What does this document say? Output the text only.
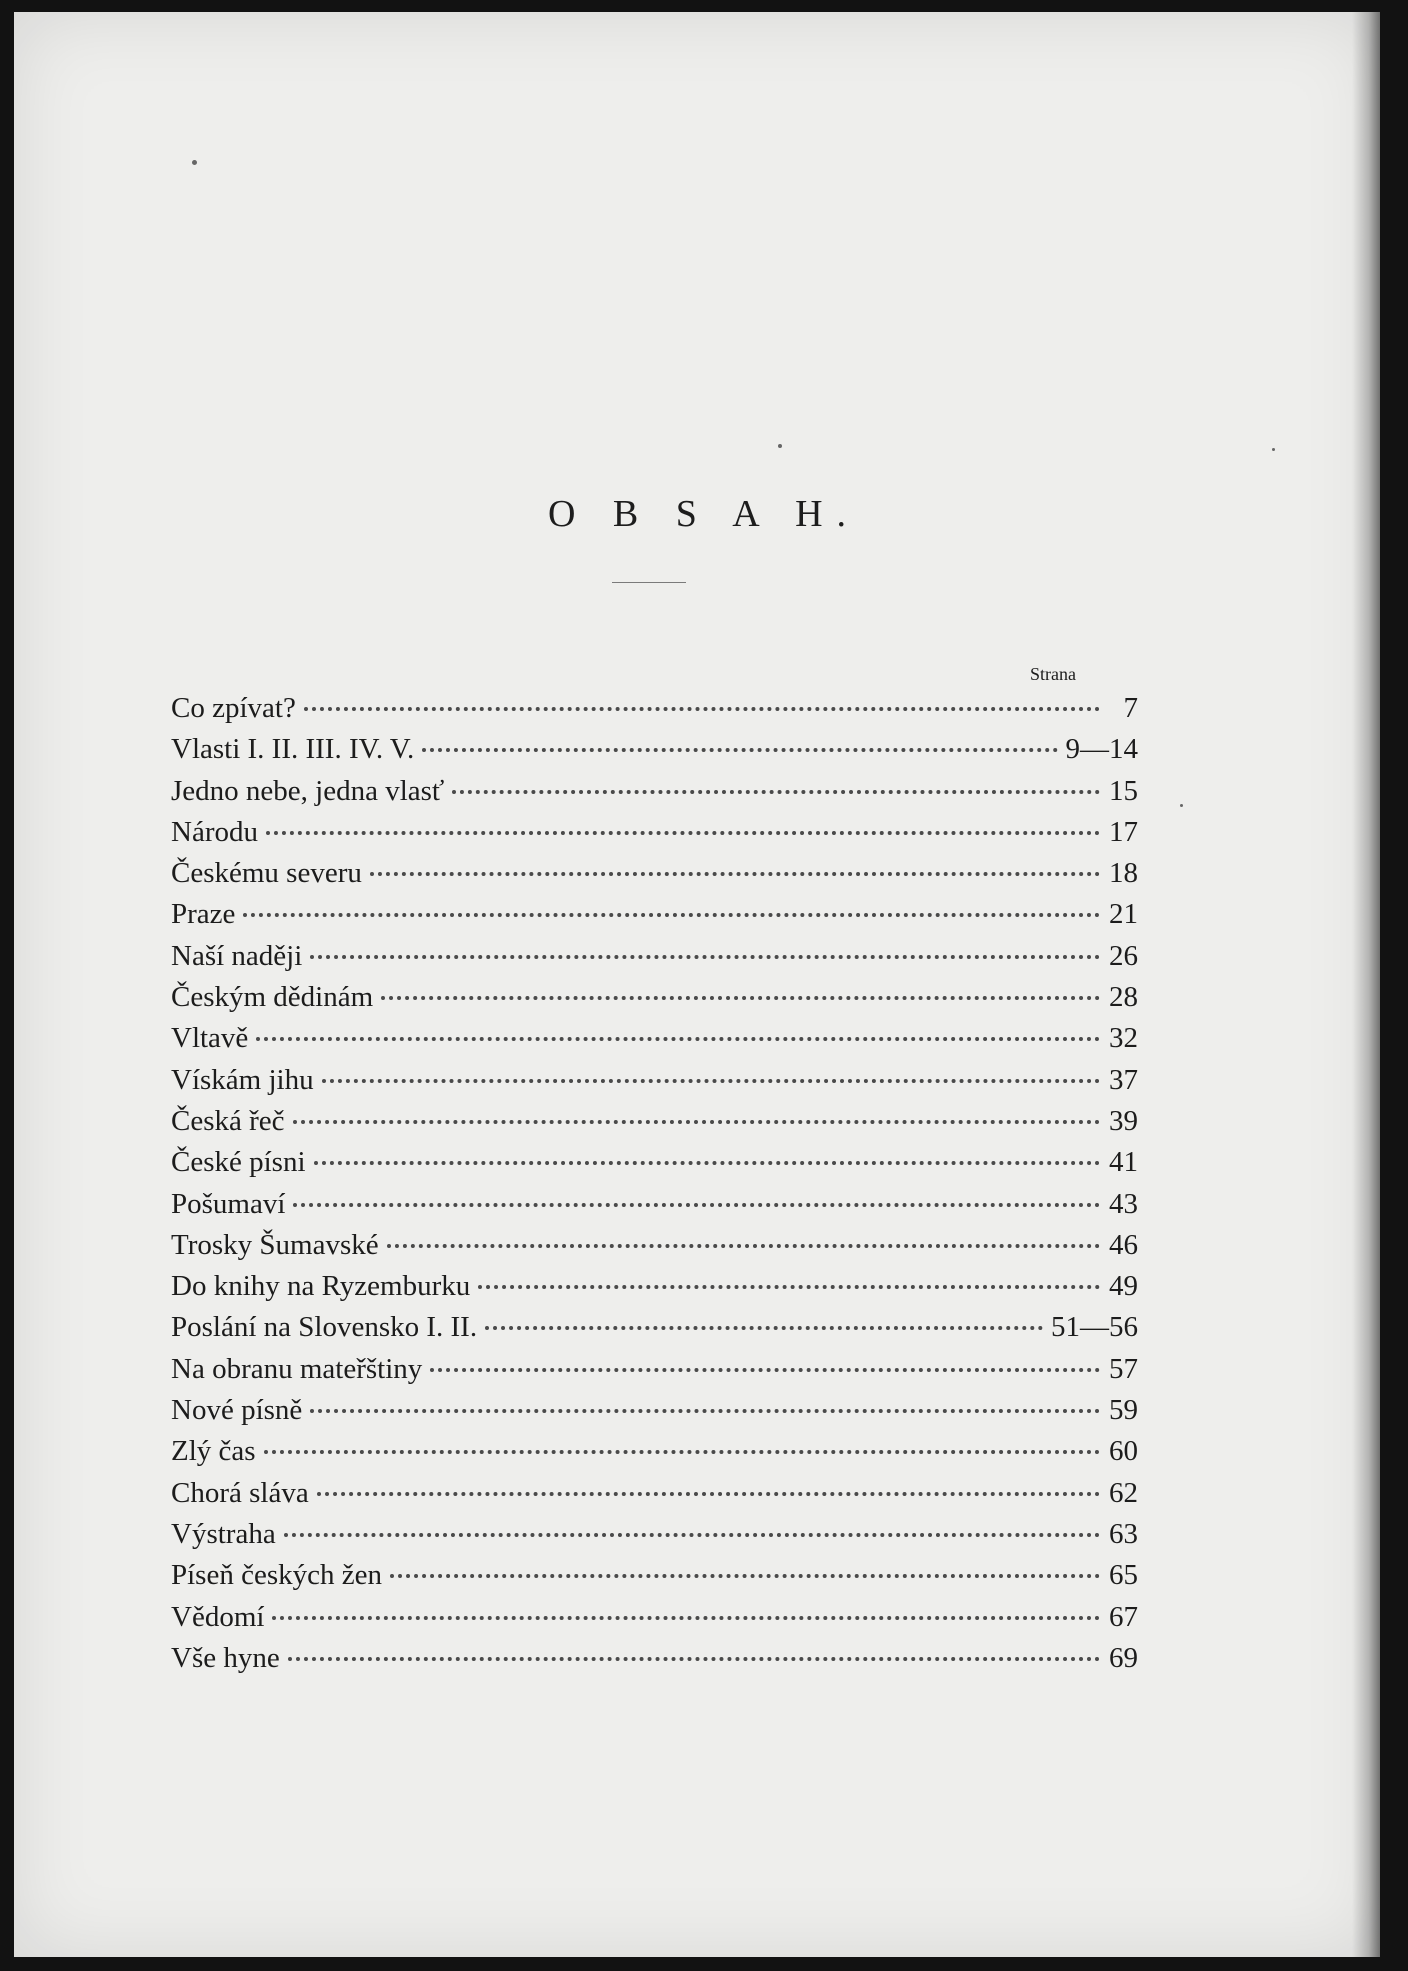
O B S A H.
Strana
Co zpívat?	7
Vlasti I. II. III. IV. V.	9—14
Jedno nebe, jedna vlasť	15
Národu	17
Českému severu	18
Praze	21
Naší naději	26
Českým dědinám	28
Vltavě	32
Vískám jihu	37
Česká řeč	39
České písni	41
Pošumaví	43
Trosky Šumavské	46
Do knihy na Ryzemburku	49
Poslání na Slovensko I. II.	51—56
Na obranu mateřštiny	57
Nové písně	59
Zlý čas	60
Chorá sláva	62
Výstraha	63
Píseň českých žen	65
Vědomí	67
Vše hyne	69
